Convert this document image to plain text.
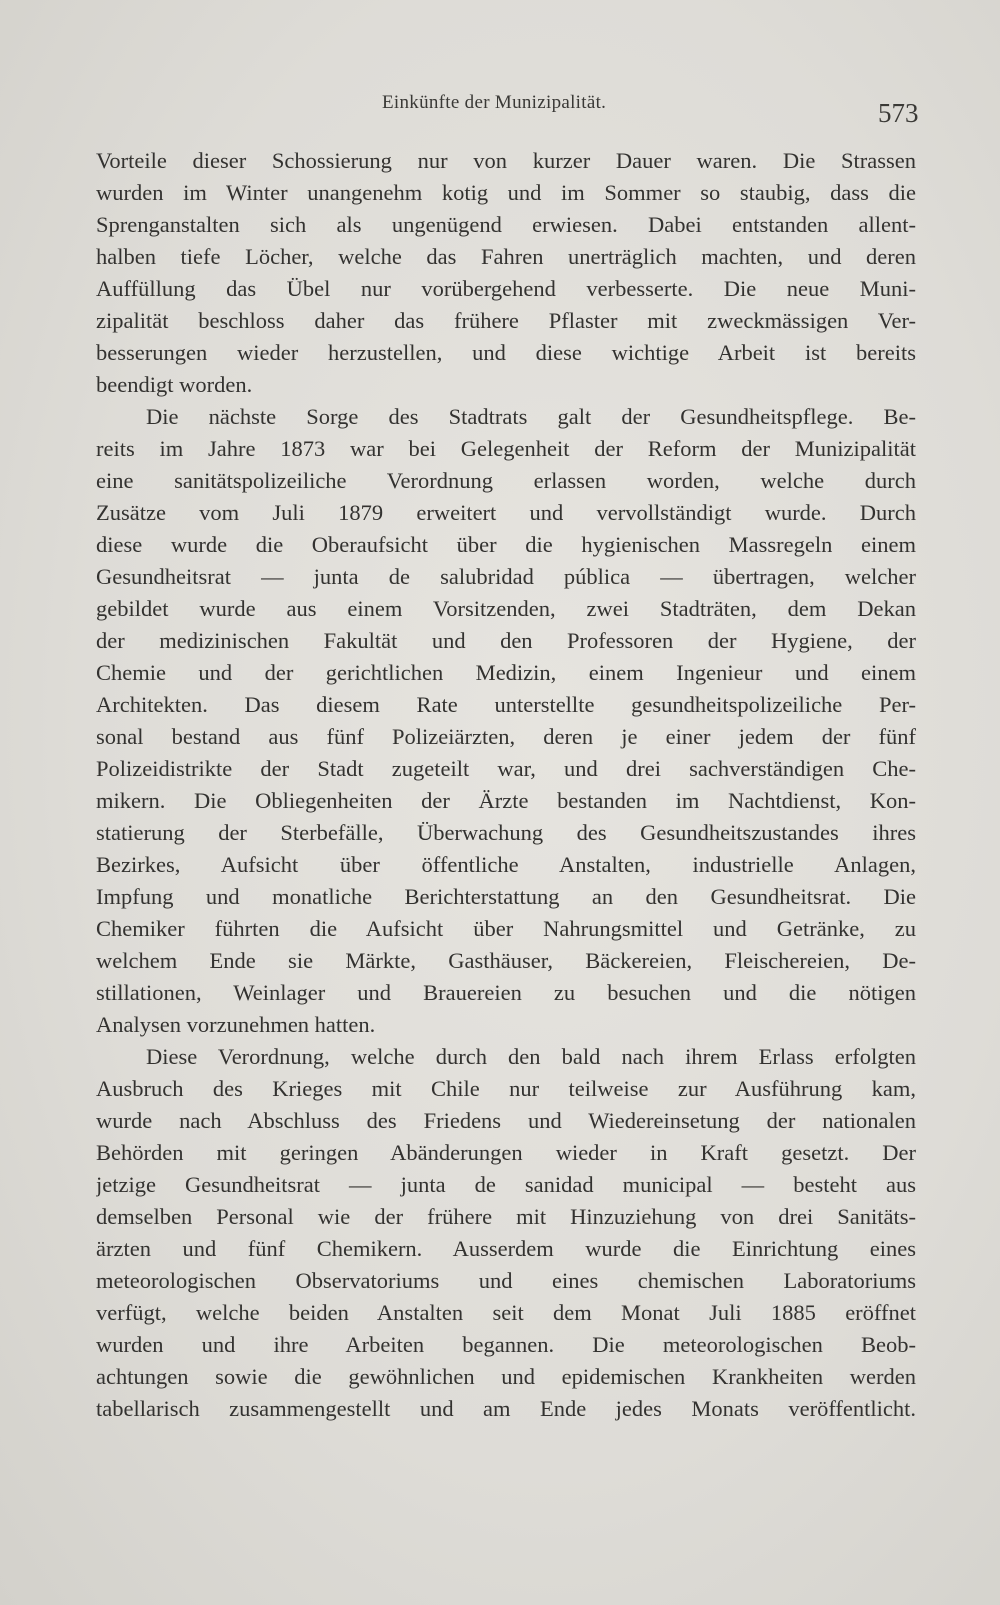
Einkünfte der Munizipalität.	573
Vorteile dieser Schossierung nur von kurzer Dauer waren. Die Strassen
wurden im Winter unangenehm kotig und im Sommer so staubig, dass die
Sprenganstalten sich als ungenügend erwiesen. Dabei entstanden allent-
halben tiefe Löcher, welche das Fahren unerträglich machten, und deren
Auffüllung das Übel nur vorübergehend verbesserte. Die neue Muni-
zipalität beschloss daher das frühere Pflaster mit zweckmässigen Ver-
besserungen wieder herzustellen, und diese wichtige Arbeit ist bereits
beendigt worden.
Die nächste Sorge des Stadtrats galt der Gesundheitspflege. Be-
reits im Jahre 1873 war bei Gelegenheit der Reform der Munizipalität
eine sanitätspolizeiliche Verordnung erlassen worden, welche durch
Zusätze vom Juli 1879 erweitert und vervollständigt wurde. Durch
diese wurde die Oberaufsicht über die hygienischen Massregeln einem
Gesundheitsrat — junta de salubridad pública — übertragen, welcher
gebildet wurde aus einem Vorsitzenden, zwei Stadträten, dem Dekan
der medizinischen Fakultät und den Professoren der Hygiene, der
Chemie und der gerichtlichen Medizin, einem Ingenieur und einem
Architekten. Das diesem Rate unterstellte gesundheitspolizeiliche Per-
sonal bestand aus fünf Polizeiärzten, deren je einer jedem der fünf
Polizeidistrikte der Stadt zugeteilt war, und drei sachverständigen Che-
mikern. Die Obliegenheiten der Ärzte bestanden im Nachtdienst, Kon-
statierung der Sterbefälle, Überwachung des Gesundheitszustandes ihres
Bezirkes, Aufsicht über öffentliche Anstalten, industrielle Anlagen,
Impfung und monatliche Berichterstattung an den Gesundheitsrat. Die
Chemiker führten die Aufsicht über Nahrungsmittel und Getränke, zu
welchem Ende sie Märkte, Gasthäuser, Bäckereien, Fleischereien, De-
stillationen, Weinlager und Brauereien zu besuchen und die nötigen
Analysen vorzunehmen hatten.
Diese Verordnung, welche durch den bald nach ihrem Erlass erfolgten
Ausbruch des Krieges mit Chile nur teilweise zur Ausführung kam,
wurde nach Abschluss des Friedens und Wiedereinsetung der nationalen
Behörden mit geringen Abänderungen wieder in Kraft gesetzt. Der
jetzige Gesundheitsrat — junta de sanidad municipal — besteht aus
demselben Personal wie der frühere mit Hinzuziehung von drei Sanitäts-
ärzten und fünf Chemikern. Ausserdem wurde die Einrichtung eines
meteorologischen Observatoriums und eines chemischen Laboratoriums
verfügt, welche beiden Anstalten seit dem Monat Juli 1885 eröffnet
wurden und ihre Arbeiten begannen. Die meteorologischen Beob-
achtungen sowie die gewöhnlichen und epidemischen Krankheiten werden
tabellarisch zusammengestellt und am Ende jedes Monats veröffentlicht.
